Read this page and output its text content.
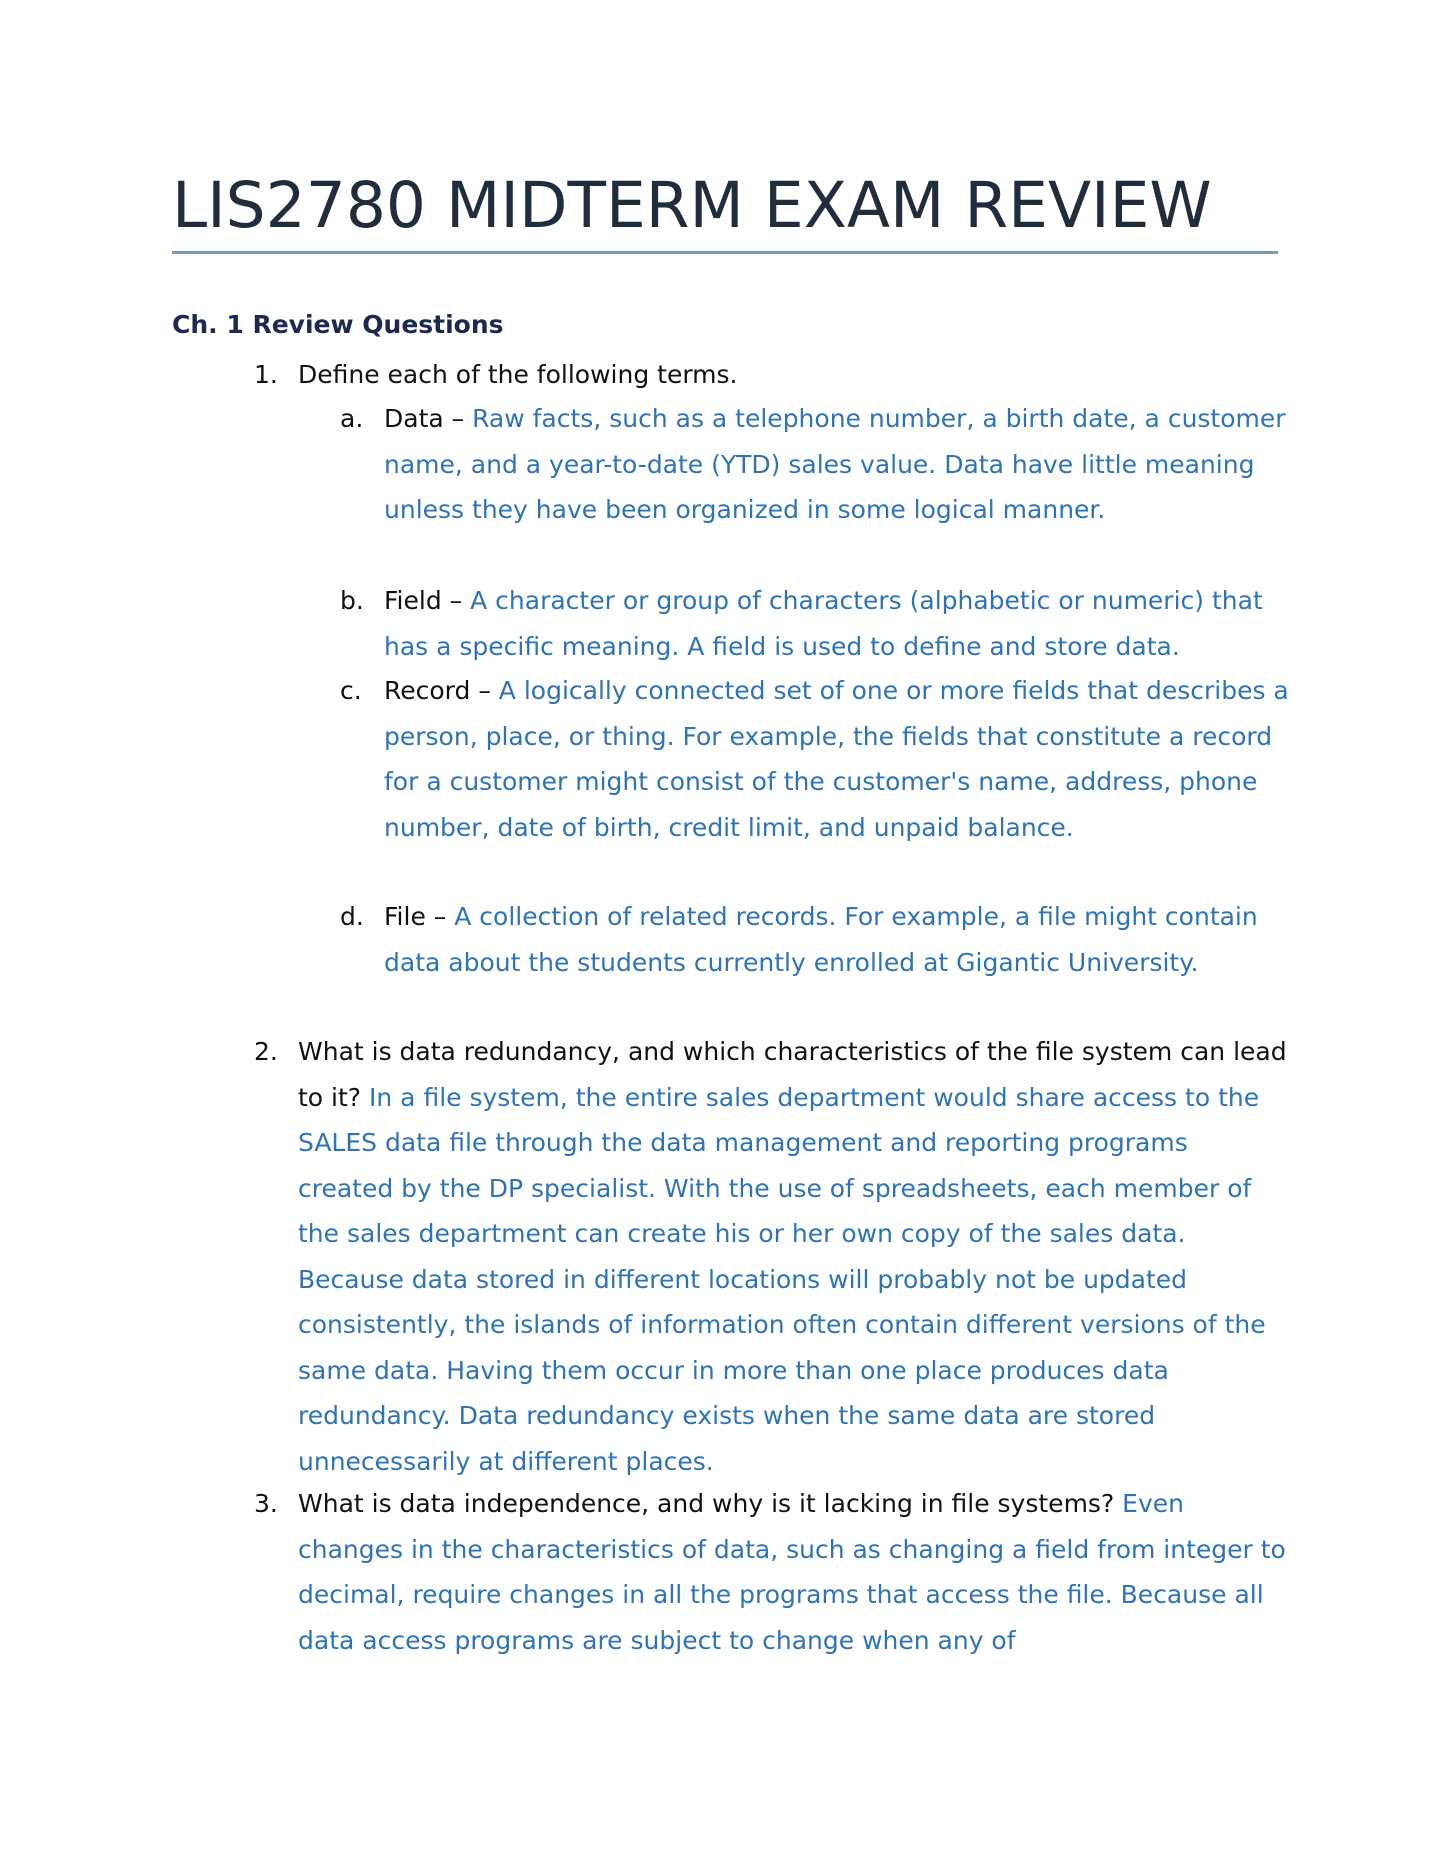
LIS2780 MIDTERM EXAM REVIEW
Ch. 1 Review Questions
1. Define each of the following terms.
a. Data – Raw facts, such as a telephone number, a birth date, a customer name, and a year-to-date (YTD) sales value. Data have little meaning unless they have been organized in some logical manner.
b. Field – A character or group of characters (alphabetic or numeric) that has a specific meaning. A field is used to define and store data.
c. Record – A logically connected set of one or more fields that describes a person, place, or thing. For example, the fields that constitute a record for a customer might consist of the customer's name, address, phone number, date of birth, credit limit, and unpaid balance.
d. File – A collection of related records. For example, a file might contain data about the students currently enrolled at Gigantic University.
2. What is data redundancy, and which characteristics of the file system can lead to it? In a file system, the entire sales department would share access to the SALES data file through the data management and reporting programs created by the DP specialist. With the use of spreadsheets, each member of the sales department can create his or her own copy of the sales data. Because data stored in different locations will probably not be updated consistently, the islands of information often contain different versions of the same data. Having them occur in more than one place produces data redundancy. Data redundancy exists when the same data are stored unnecessarily at different places.
3. What is data independence, and why is it lacking in file systems? Even changes in the characteristics of data, such as changing a field from integer to decimal, require changes in all the programs that access the file. Because all data access programs are subject to change when any of
